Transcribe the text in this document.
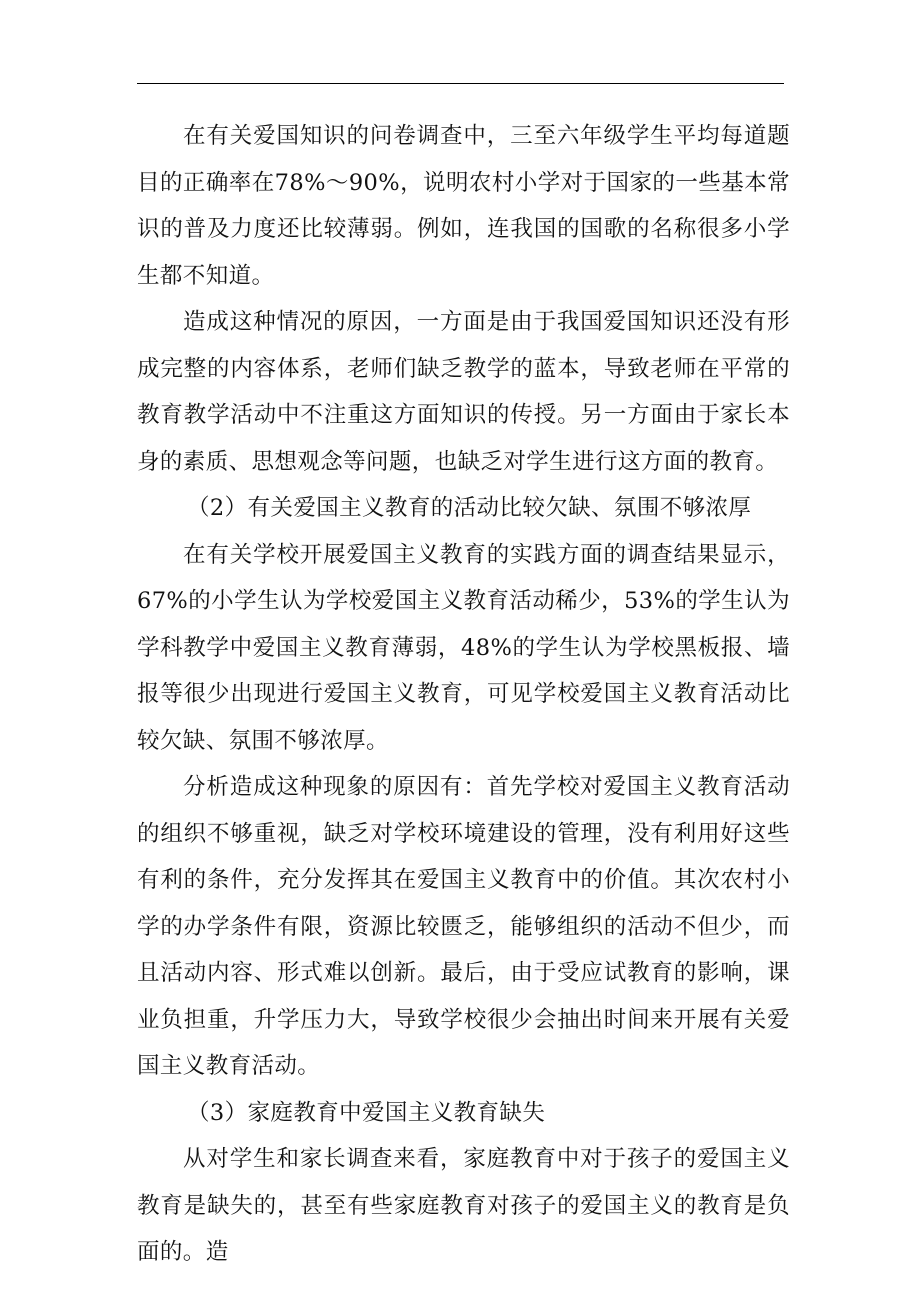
在有关爱国知识的问卷调查中，三至六年级学生平均每道题目的正确率在78%～90%，说明农村小学对于国家的一些基本常识的普及力度还比较薄弱。例如，连我国的国歌的名称很多小学生都不知道。

造成这种情况的原因，一方面是由于我国爱国知识还没有形成完整的内容体系，老师们缺乏教学的蓝本，导致老师在平常的教育教学活动中不注重这方面知识的传授。另一方面由于家长本身的素质、思想观念等问题，也缺乏对学生进行这方面的教育。

（2）有关爱国主义教育的活动比较欠缺、氛围不够浓厚

在有关学校开展爱国主义教育的实践方面的调查结果显示，67%的小学生认为学校爱国主义教育活动稀少，53%的学生认为学科教学中爱国主义教育薄弱，48%的学生认为学校黑板报、墙报等很少出现进行爱国主义教育，可见学校爱国主义教育活动比较欠缺、氛围不够浓厚。

分析造成这种现象的原因有：首先学校对爱国主义教育活动的组织不够重视，缺乏对学校环境建设的管理，没有利用好这些有利的条件，充分发挥其在爱国主义教育中的价值。其次农村小学的办学条件有限，资源比较匮乏，能够组织的活动不但少，而且活动内容、形式难以创新。最后，由于受应试教育的影响，课业负担重，升学压力大，导致学校很少会抽出时间来开展有关爱国主义教育活动。

（3）家庭教育中爱国主义教育缺失

从对学生和家长调查来看，家庭教育中对于孩子的爱国主义教育是缺失的，甚至有些家庭教育对孩子的爱国主义的教育是负面的。造
